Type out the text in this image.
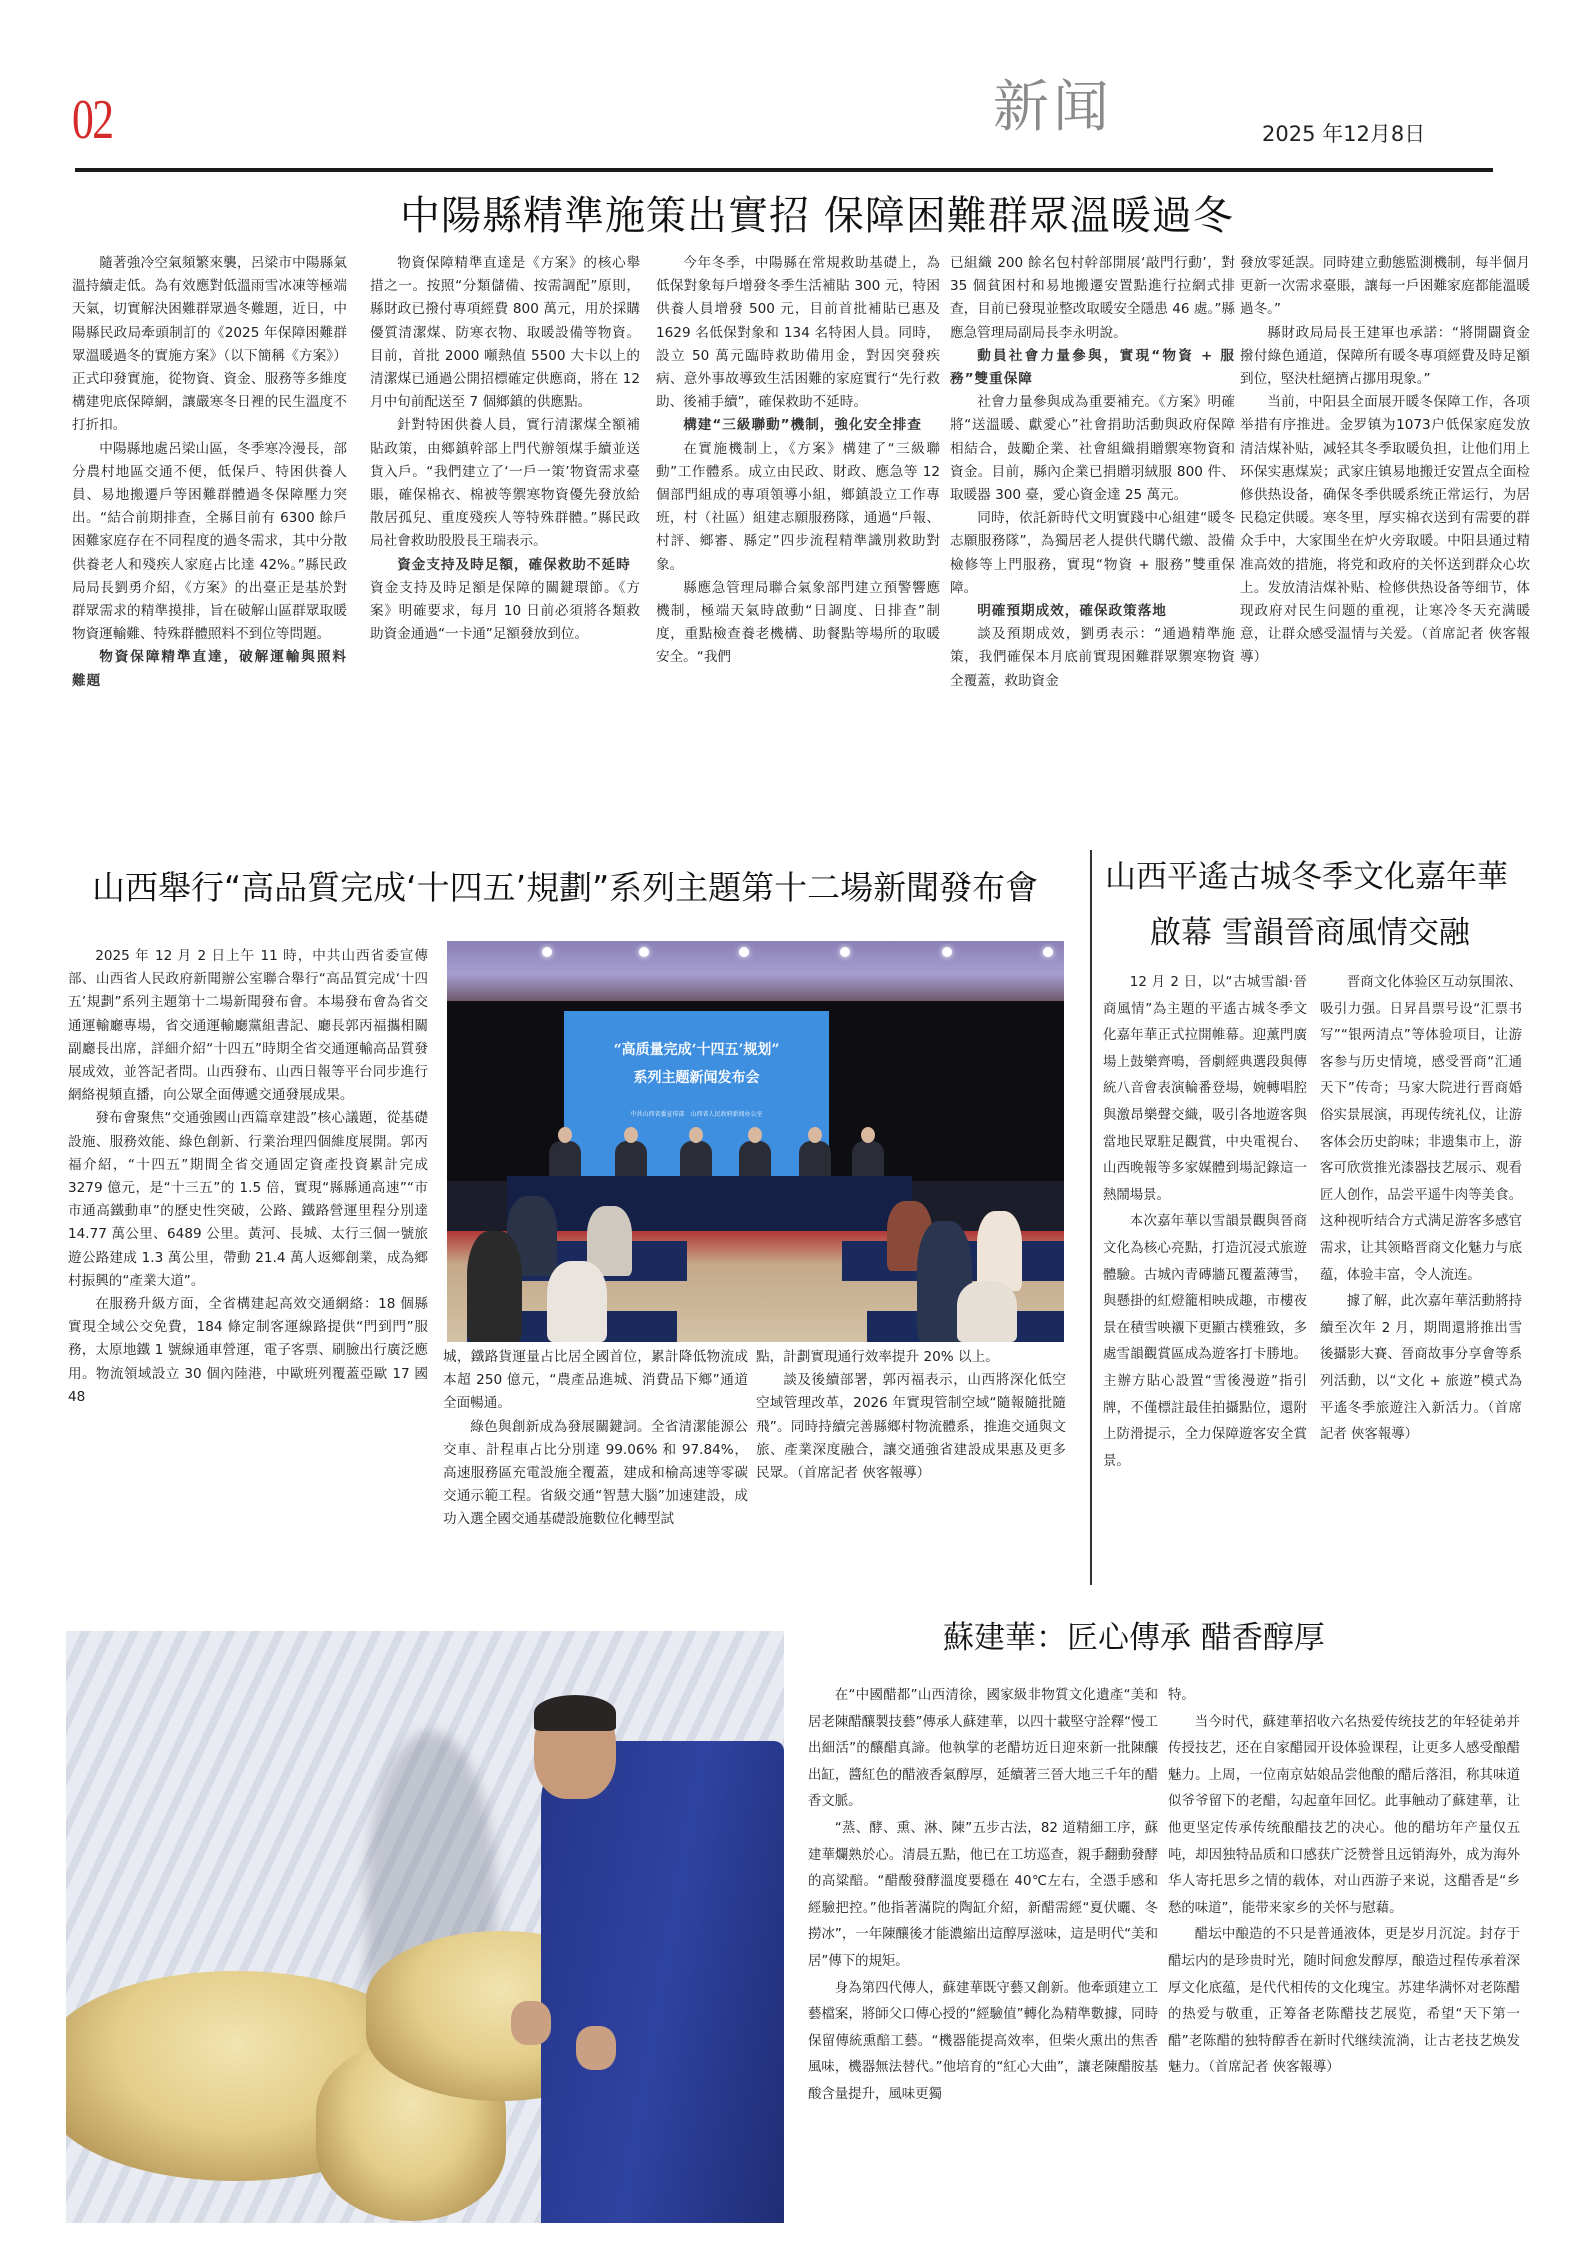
02	新闻	2025 年12月8日
中陽縣精準施策出實招 保障困難群眾溫暖過冬

隨著強冷空氣頻繁來襲，呂梁市中陽縣氣溫持續走低。為有效應對低溫雨雪冰凍等極端天氣，切實解決困難群眾過冬難題，近日，中陽縣民政局牽頭制訂的《2025 年保障困難群眾溫暖過冬的實施方案》（以下簡稱《方案》）正式印發實施，從物資、資金、服務等多維度構建兜底保障網，讓嚴寒冬日裡的民生溫度不打折扣。

中陽縣地處呂梁山區，冬季寒冷漫長，部分農村地區交通不便，低保戶、特困供養人員、易地搬遷戶等困難群體過冬保障壓力突出。“結合前期排查，全縣目前有 6300 餘戶困難家庭存在不同程度的過冬需求，其中分散供養老人和殘疾人家庭占比達 42%。”縣民政局局長劉勇介紹，《方案》的出臺正是基於對群眾需求的精準摸排，旨在破解山區群眾取暖物資運輸難、特殊群體照料不到位等問題。

物資保障精準直達，破解運輸與照料難題

物資保障精準直達是《方案》的核心舉措之一。按照“分類儲備、按需調配”原則，縣財政已撥付專項經費 800 萬元，用於採購優質清潔煤、防寒衣物、取暖設備等物資。目前，首批 2000 噸熱值 5500 大卡以上的清潔煤已通過公開招標確定供應商，將在 12 月中旬前配送至 7 個鄉鎮的供應點。

針對特困供養人員，實行清潔煤全額補貼政策，由鄉鎮幹部上門代辦領煤手續並送貨入戶。“我們建立了‘一戶一策’物資需求臺賬，確保棉衣、棉被等禦寒物資優先發放給散居孤兒、重度殘疾人等特殊群體。”縣民政局社會救助股股長王瑞表示。

資金支持及時足額，確保救助不延時

資金支持及時足額是保障的關鍵環節。《方案》明確要求，每月 10 日前必須將各類救助資金通過“一卡通”足額發放到位。

今年冬季，中陽縣在常規救助基礎上，為低保對象每戶增發冬季生活補貼 300 元，特困供養人員增發 500 元，目前首批補貼已惠及 1629 名低保對象和 134 名特困人員。同時，設立 50 萬元臨時救助備用金，對因突發疾病、意外事故導致生活困難的家庭實行“先行救助、後補手續”，確保救助不延時。

構建“三級聯動”機制，強化安全排查

在實施機制上，《方案》構建了“三級聯動”工作體系。成立由民政、財政、應急等 12 個部門組成的專項領導小組，鄉鎮設立工作專班，村（社區）組建志願服務隊，通過“戶報、村評、鄉審、縣定”四步流程精準識別救助對象。

縣應急管理局聯合氣象部門建立預警響應機制，極端天氣時啟動“日調度、日排查”制度，重點檢查養老機構、助餐點等場所的取暖安全。“我們

已組織 200 餘名包村幹部開展‘敲門行動’，對 35 個貧困村和易地搬遷安置點進行拉網式排查，目前已發現並整改取暖安全隱患 46 處。”縣應急管理局副局長李永明說。

動員社會力量參與，實現“物資 + 服務”雙重保障

社會力量參與成為重要補充。《方案》明確將“送溫暖、獻愛心”社會捐助活動與政府保障相結合，鼓勵企業、社會組織捐贈禦寒物資和資金。目前，縣內企業已捐贈羽絨服 800 件、取暖器 300 臺，愛心資金達 25 萬元。

同時，依託新時代文明實踐中心組建“暖冬志願服務隊”，為獨居老人提供代購代繳、設備檢修等上門服務，實現“物資 + 服務”雙重保障。

明確預期成效，確保政策落地

談及預期成效，劉勇表示：“通過精準施策，我們確保本月底前實現困難群眾禦寒物資全覆蓋，救助資金

發放零延誤。同時建立動態監測機制，每半個月更新一次需求臺賬，讓每一戶困難家庭都能溫暖過冬。”

縣財政局局長王建軍也承諾：“將開闢資金撥付綠色通道，保障所有暖冬專項經費及時足額到位，堅決杜絕擠占挪用現象。”

当前，中阳县全面展开暖冬保障工作，各项举措有序推进。金罗镇为1073户低保家庭发放清洁煤补贴，减轻其冬季取暖负担，让他们用上环保实惠煤炭；武家庄镇易地搬迁安置点全面检修供热设备，确保冬季供暖系统正常运行，为居民稳定供暖。寒冬里，厚实棉衣送到有需要的群众手中，大家围坐在炉火旁取暖。中阳县通过精准高效的措施，将党和政府的关怀送到群众心坎上。发放清洁煤补贴、检修供热设备等细节，体现政府对民生问题的重视，让寒冷冬天充满暖意，让群众感受温情与关爱。（首席記者 俠客報導）

山西舉行“高品質完成‘十四五’規劃”系列主題第十二場新聞發布會

2025 年 12 月 2 日上午 11 時，中共山西省委宣傳部、山西省人民政府新聞辦公室聯合舉行“高品質完成‘十四五’規劃”系列主題第十二場新聞發布會。本場發布會為省交通運輸廳專場，省交通運輸廳黨組書記、廳長郭丙福攜相關副廳長出席，詳細介紹“十四五”時期全省交通運輸高品質發展成效，並答記者問。山西發布、山西日報等平台同步進行網絡視頻直播，向公眾全面傳遞交通發展成果。

發布會聚焦“交通強國山西篇章建設”核心議題，從基礎設施、服務效能、綠色創新、行業治理四個維度展開。郭丙福介紹，“十四五”期間全省交通固定資產投資累計完成 3279 億元，是“十三五”的 1.5 倍，實現“縣縣通高速”“市市通高鐵動車”的歷史性突破，公路、鐵路營運里程分別達 14.77 萬公里、6489 公里。黃河、長城、太行三個一號旅遊公路建成 1.3 萬公里，帶動 21.4 萬人返鄉創業，成為鄉村振興的“產業大道”。

在服務升級方面，全省構建起高效交通網絡：18 個縣實現全域公交免費，184 條定制客運線路提供“門到門”服務，太原地鐵 1 號線通車營運，電子客票、刷臉出行廣泛應用。物流領域設立 30 個內陸港，中歐班列覆蓋亞歐 17 國 48

“高质量完成‘十四五’规划”
系列主题新闻发布会
中共山西省委宣传部　山西省人民政府新闻办公室

城，鐵路貨運量占比居全國首位，累計降低物流成本超 250 億元，“農產品進城、消費品下鄉”通道全面暢通。

綠色與創新成為發展關鍵詞。全省清潔能源公交車、計程車占比分別達 99.06% 和 97.84%，高速服務區充電設施全覆蓋，建成和榆高速等零碳交通示範工程。省級交通“智慧大腦”加速建設，成功入選全國交通基礎設施數位化轉型試

點，計劃實現通行效率提升 20% 以上。

談及後續部署，郭丙福表示，山西將深化低空空域管理改革，2026 年實現管制空域“隨報隨批隨飛”。同時持續完善縣鄉村物流體系，推進交通與文旅、產業深度融合，讓交通強省建設成果惠及更多民眾。（首席記者 俠客報導）

山西平遙古城冬季文化嘉年華
啟幕 雪韻晉商風情交融

12 月 2 日，以“古城雪韻·晉商風情”為主題的平遙古城冬季文化嘉年華正式拉開帷幕。迎薰門廣場上鼓樂齊鳴，晉劇經典選段與傳統八音會表演輪番登場，婉轉唱腔與激昂樂聲交織，吸引各地遊客與當地民眾駐足觀賞，中央電視台、山西晚報等多家媒體到場記錄這一熱鬧場景。

本次嘉年華以雪韻景觀與晉商文化為核心亮點，打造沉浸式旅遊體驗。古城內青磚牆瓦覆蓋薄雪，與懸掛的紅燈籠相映成趣，市樓夜景在積雪映襯下更顯古樸雅致，多處雪韻觀賞區成為遊客打卡勝地。主辦方貼心設置“雪後漫遊”指引牌，不僅標註最佳拍攝點位，還附上防滑提示，全力保障遊客安全賞景。

晋商文化体验区互动氛围浓、吸引力强。日昇昌票号设“汇票书写”“银两清点”等体验项目，让游客参与历史情境，感受晋商“汇通天下”传奇；马家大院进行晋商婚俗实景展演，再现传统礼仪，让游客体会历史韵味；非遗集市上，游客可欣赏推光漆器技艺展示、观看匠人创作，品尝平遥牛肉等美食。这种视听结合方式满足游客多感官需求，让其领略晋商文化魅力与底蕴，体验丰富，令人流连。

據了解，此次嘉年華活動將持續至次年 2 月，期間還將推出雪後攝影大賽、晉商故事分享會等系列活動，以“文化 + 旅遊”模式為平遙冬季旅遊注入新活力。（首席記者 俠客報導）

蘇建華：匠心傳承 醋香醇厚

在“中國醋都”山西清徐，國家級非物質文化遺產“美和居老陳醋釀製技藝”傳承人蘇建華，以四十載堅守詮釋“慢工出細活”的釀醋真諦。他執掌的老醋坊近日迎來新一批陳釀出缸，醬紅色的醋液香氣醇厚，延續著三晉大地三千年的醋香文脈。

“蒸、酵、熏、淋、陳”五步古法，82 道精細工序，蘇建華爛熟於心。清晨五點，他已在工坊巡查，親手翻動發酵的高粱醅。“醋酸發酵溫度要穩在 40℃左右，全憑手感和經驗把控。”他指著滿院的陶缸介紹，新醋需經“夏伏曬、冬撈冰”，一年陳釀後才能濃縮出這醇厚滋味，這是明代“美和居”傳下的規矩。

身為第四代傳人，蘇建華既守藝又創新。他牽頭建立工藝檔案，將師父口傳心授的“經驗值”轉化為精準數據，同時保留傳統熏醅工藝。“機器能提高效率，但柴火熏出的焦香風味，機器無法替代。”他培育的“紅心大曲”，讓老陳醋胺基酸含量提升，風味更獨

特。

当今时代，蘇建華招收六名热爱传统技艺的年轻徒弟并传授技艺，还在自家醋园开设体验课程，让更多人感受酿醋魅力。上周，一位南京姑娘品尝他酿的醋后落泪，称其味道似爷爷留下的老醋，勾起童年回忆。此事触动了蘇建華，让他更坚定传承传统酿醋技艺的决心。他的醋坊年产量仅五吨，却因独特品质和口感获广泛赞誉且远销海外，成为海外华人寄托思乡之情的载体，对山西游子来说，这醋香是“乡愁的味道”，能带来家乡的关怀与慰藉。

醋坛中酿造的不只是普通液体，更是岁月沉淀。封存于醋坛内的是珍贵时光，随时间愈发醇厚，酿造过程传承着深厚文化底蕴，是代代相传的文化瑰宝。苏建华满怀对老陈醋的热爱与敬重，正筹备老陈醋技艺展览，希望“天下第一醋”老陈醋的独特醇香在新时代继续流淌，让古老技艺焕发魅力。（首席記者 俠客報導）
